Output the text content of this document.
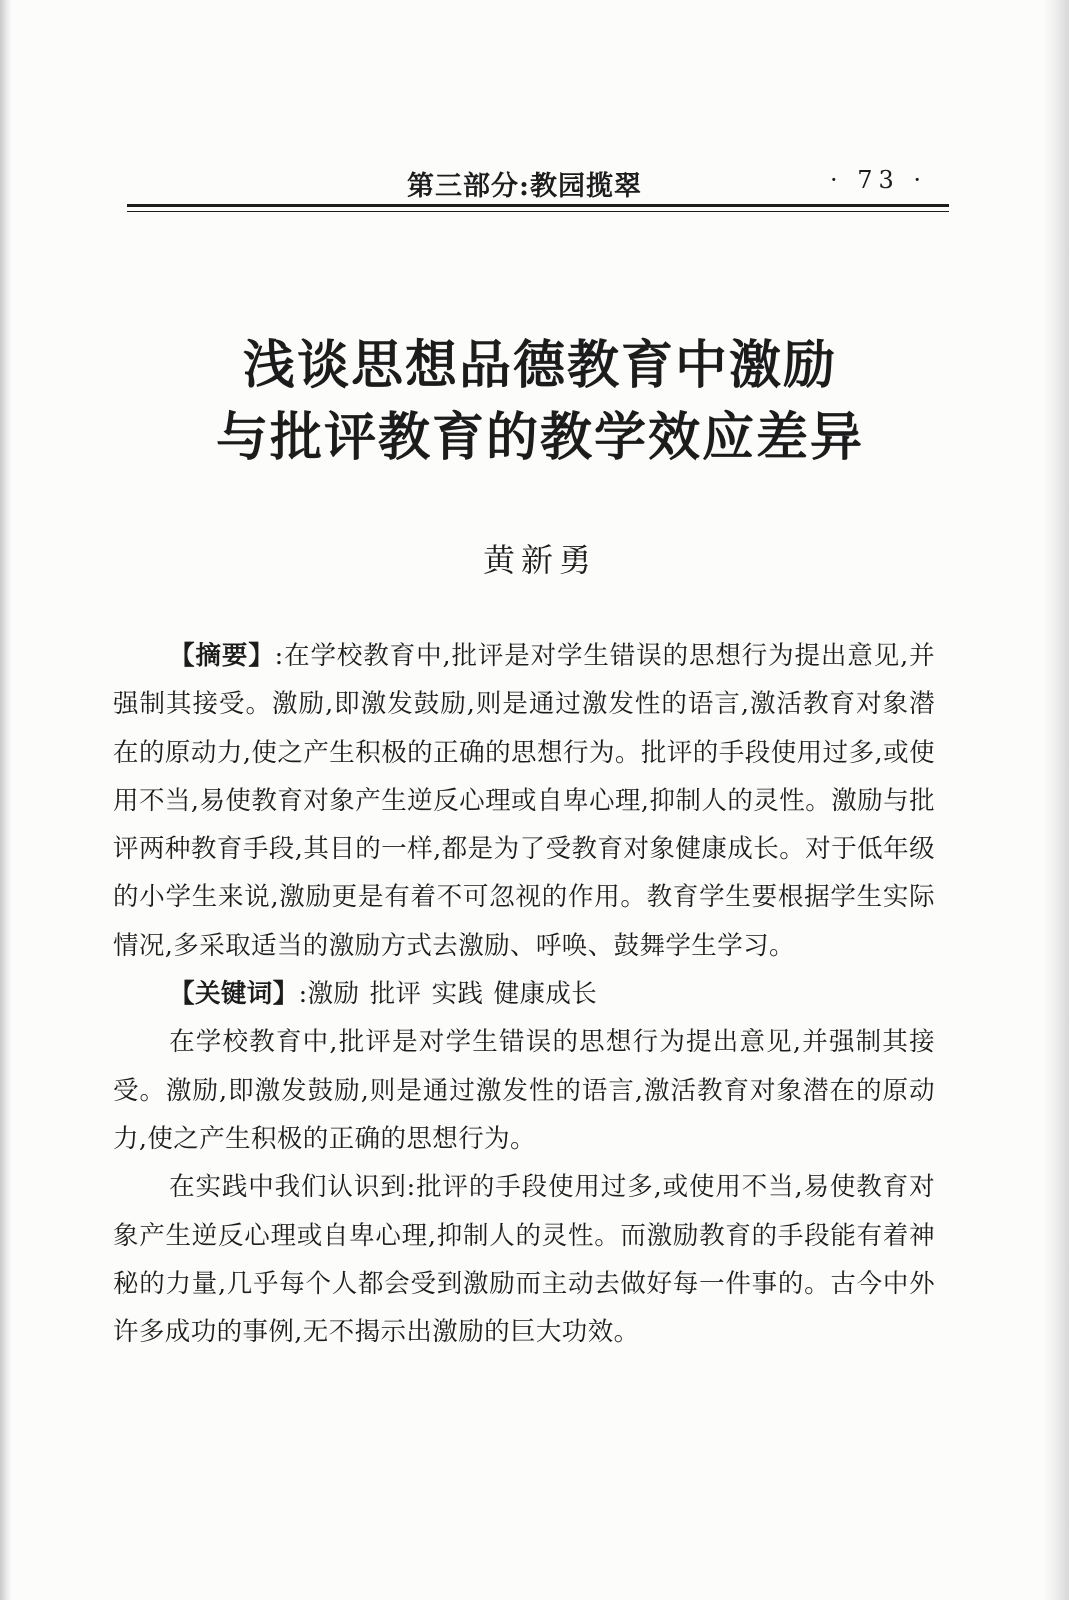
第三部分:教园揽翠	· 73 ·
浅谈思想品德教育中激励
与批评教育的教学效应差异
黄新勇

【摘要】:在学校教育中,批评是对学生错误的思想行为提出意见,并强制其接受。激励,即激发鼓励,则是通过激发性的语言,激活教育对象潜在的原动力,使之产生积极的正确的思想行为。批评的手段使用过多,或使用不当,易使教育对象产生逆反心理或自卑心理,抑制人的灵性。激励与批评两种教育手段,其目的一样,都是为了受教育对象健康成长。对于低年级的小学生来说,激励更是有着不可忽视的作用。教育学生要根据学生实际情况,多采取适当的激励方式去激励、呼唤、鼓舞学生学习。

【关键词】:激励 批评 实践 健康成长

在学校教育中,批评是对学生错误的思想行为提出意见,并强制其接受。激励,即激发鼓励,则是通过激发性的语言,激活教育对象潜在的原动力,使之产生积极的正确的思想行为。

在实践中我们认识到:批评的手段使用过多,或使用不当,易使教育对象产生逆反心理或自卑心理,抑制人的灵性。而激励教育的手段能有着神秘的力量,几乎每个人都会受到激励而主动去做好每一件事的。古今中外许多成功的事例,无不揭示出激励的巨大功效。
